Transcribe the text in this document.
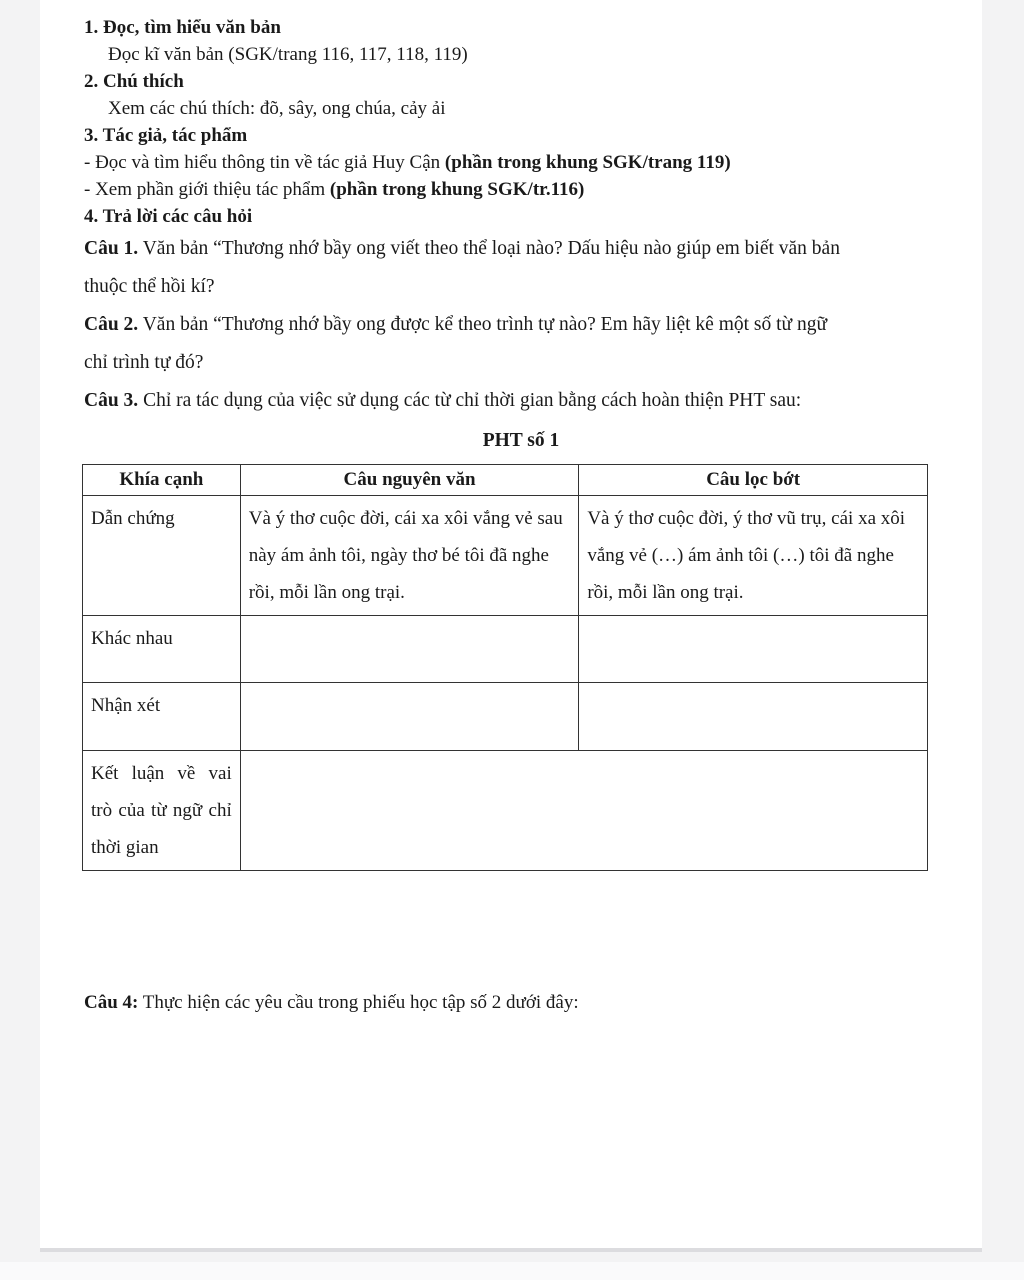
1. Đọc, tìm hiểu văn bản
Đọc kĩ văn bản (SGK/trang 116, 117, 118, 119)
2. Chú thích
Xem các chú thích: đõ, sây, ong chúa, cảy ải
3. Tác giả, tác phẩm
- Đọc và tìm hiểu thông tin về tác giả Huy Cận (phần trong khung SGK/trang 119)
- Xem phần giới thiệu tác phẩm (phần trong khung SGK/tr.116)
4. Trả lời các câu hỏi
Câu 1. Văn bản “Thương nhớ bầy ong viết theo thể loại nào? Dấu hiệu nào giúp em biết văn bản
thuộc thể hồi kí?
Câu 2. Văn bản “Thương nhớ bầy ong được kể theo trình tự nào? Em hãy liệt kê một số từ ngữ
chỉ trình tự đó?
Câu 3. Chỉ ra tác dụng của việc sử dụng các từ chỉ thời gian bằng cách hoàn thiện PHT sau:
PHT số 1
Khía cạnh	Câu nguyên văn	Câu lọc bớt
Dẫn chứng	Và ý thơ cuộc đời, cái xa xôi vắng vẻ sau này ám ảnh tôi, ngày thơ bé tôi đã nghe rồi, mỗi lần ong trại.	Và ý thơ cuộc đời, ý thơ vũ trụ, cái xa xôi vắng vẻ (…) ám ảnh tôi (…) tôi đã nghe rồi, mỗi lần ong trại.
Khác nhau		
Nhận xét		
Kết luận về vai trò của từ ngữ chỉ thời gian		
Câu 4: Thực hiện các yêu cầu trong phiếu học tập số 2 dưới đây:
